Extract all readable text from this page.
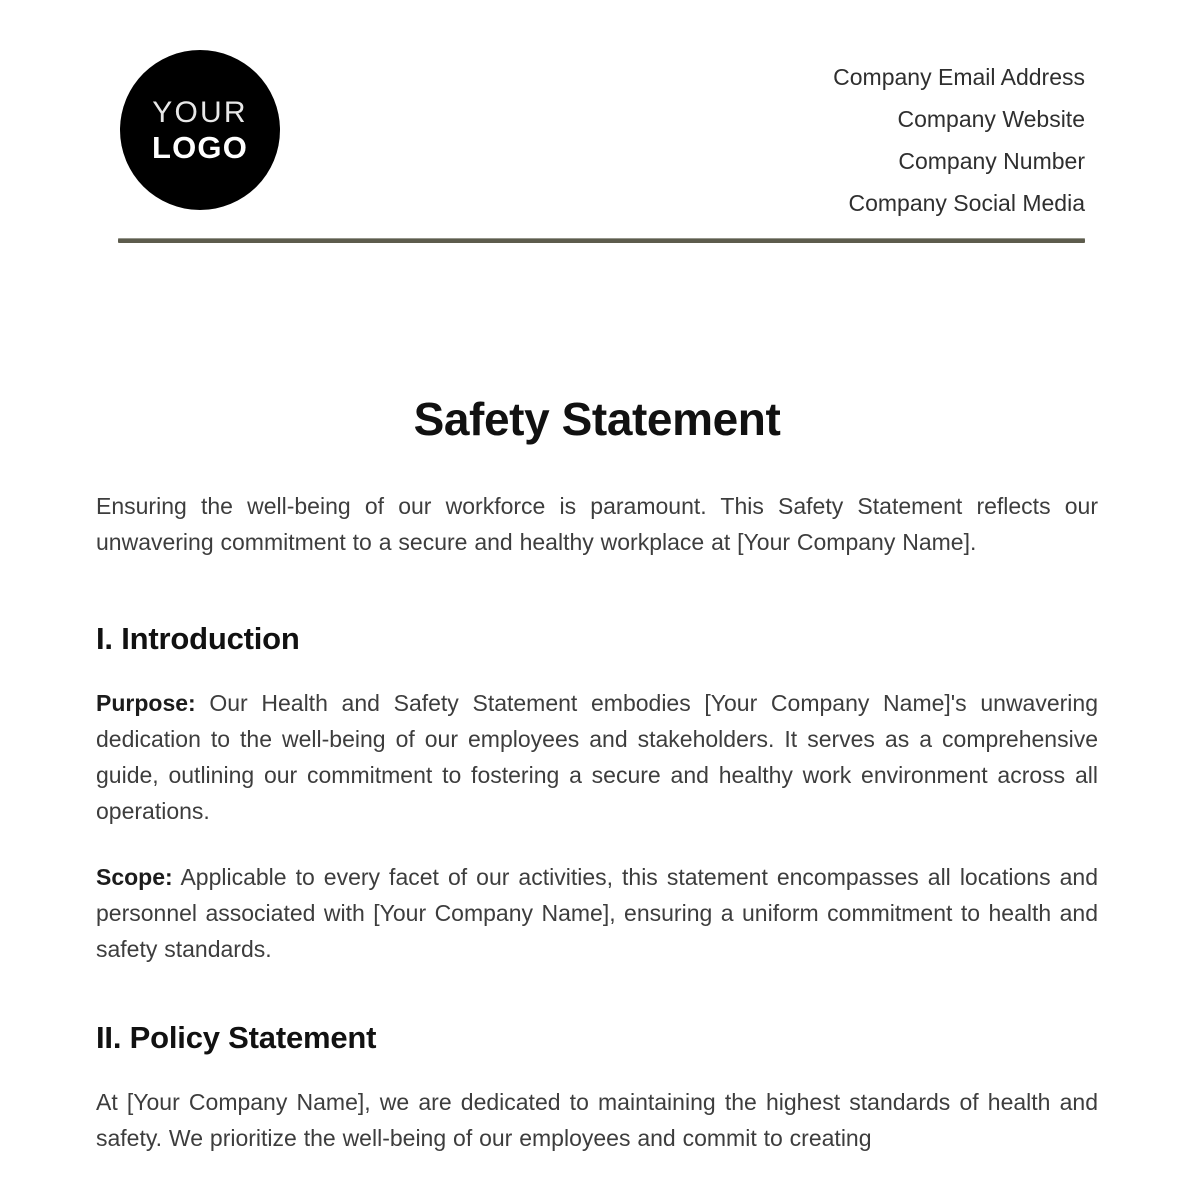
YOUR
LOGO
Company Email Address
Company Website
Company Number
Company Social Media
Safety Statement

Ensuring the well-being of our workforce is paramount. This Safety Statement reflects our unwavering commitment to a secure and healthy workplace at [Your Company Name].

I. Introduction

Purpose: Our Health and Safety Statement embodies [Your Company Name]'s unwavering dedication to the well-being of our employees and stakeholders. It serves as a comprehensive guide, outlining our commitment to fostering a secure and healthy work environment across all operations.

Scope: Applicable to every facet of our activities, this statement encompasses all locations and personnel associated with [Your Company Name], ensuring a uniform commitment to health and safety standards.

II. Policy Statement

At [Your Company Name], we are dedicated to maintaining the highest standards of health and safety. We prioritize the well-being of our employees and commit to creating
